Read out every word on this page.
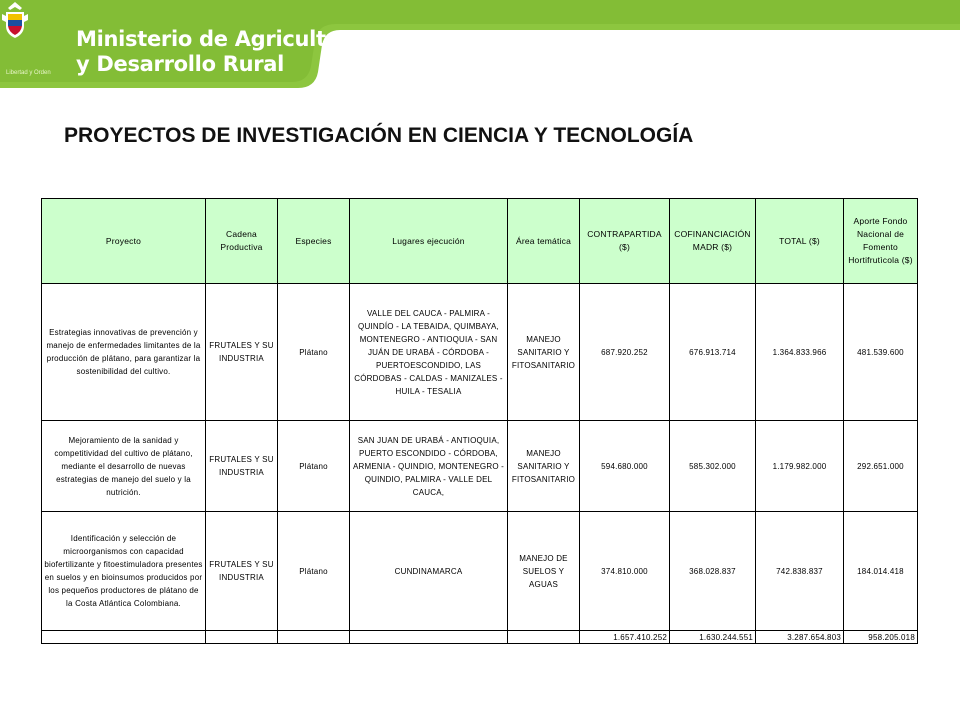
Ministerio de Agricultura
y Desarrollo Rural
Libertad y Orden
PROYECTOS DE INVESTIGACIÓN EN CIENCIA Y TECNOLOGÍA
Proyecto	Cadena Productiva	Especies	Lugares ejecución	Área temática	CONTRAPARTIDA ($)	COFINANCIACIÓN MADR ($)	TOTAL ($)	Aporte Fondo Nacional de Fomento Hortifrutìcola ($)
Estrategias innovativas de prevención y manejo de enfermedades limitantes de la producción de plátano, para garantizar la sostenibilidad del cultivo.	FRUTALES Y SU INDUSTRIA	Plátano	VALLE DEL CAUCA - PALMIRA - QUINDÍO - LA TEBAIDA, QUIMBAYA, MONTENEGRO - ANTIOQUIA - SAN JUÁN DE URABÁ - CÓRDOBA - PUERTOESCONDIDO, LAS CÓRDOBAS - CALDAS - MANIZALES - HUILA - TESALIA	MANEJO SANITARIO Y FITOSANITARIO	687.920.252	676.913.714	1.364.833.966	481.539.600
Mejoramiento de la sanidad y competitividad del cultivo de plátano, mediante el desarrollo de nuevas estrategias de manejo del suelo y la nutrición.	FRUTALES Y SU INDUSTRIA	Plátano	SAN JUAN DE URABÁ - ANTIOQUIA, PUERTO ESCONDIDO - CÓRDOBA, ARMENIA - QUINDIO, MONTENEGRO - QUINDIO, PALMIRA - VALLE DEL CAUCA,	MANEJO SANITARIO Y FITOSANITARIO	594.680.000	585.302.000	1.179.982.000	292.651.000
Identificación y selección de microorganismos con capacidad biofertilizante y fitoestimuladora presentes en suelos y en bioinsumos producidos por los pequeños productores de plátano de la Costa Atlántica Colombiana.	FRUTALES Y SU INDUSTRIA	Plátano	CUNDINAMARCA	MANEJO DE SUELOS Y AGUAS	374.810.000	368.028.837	742.838.837	184.014.418
					1.657.410.252	1.630.244.551	3.287.654.803	958.205.018
